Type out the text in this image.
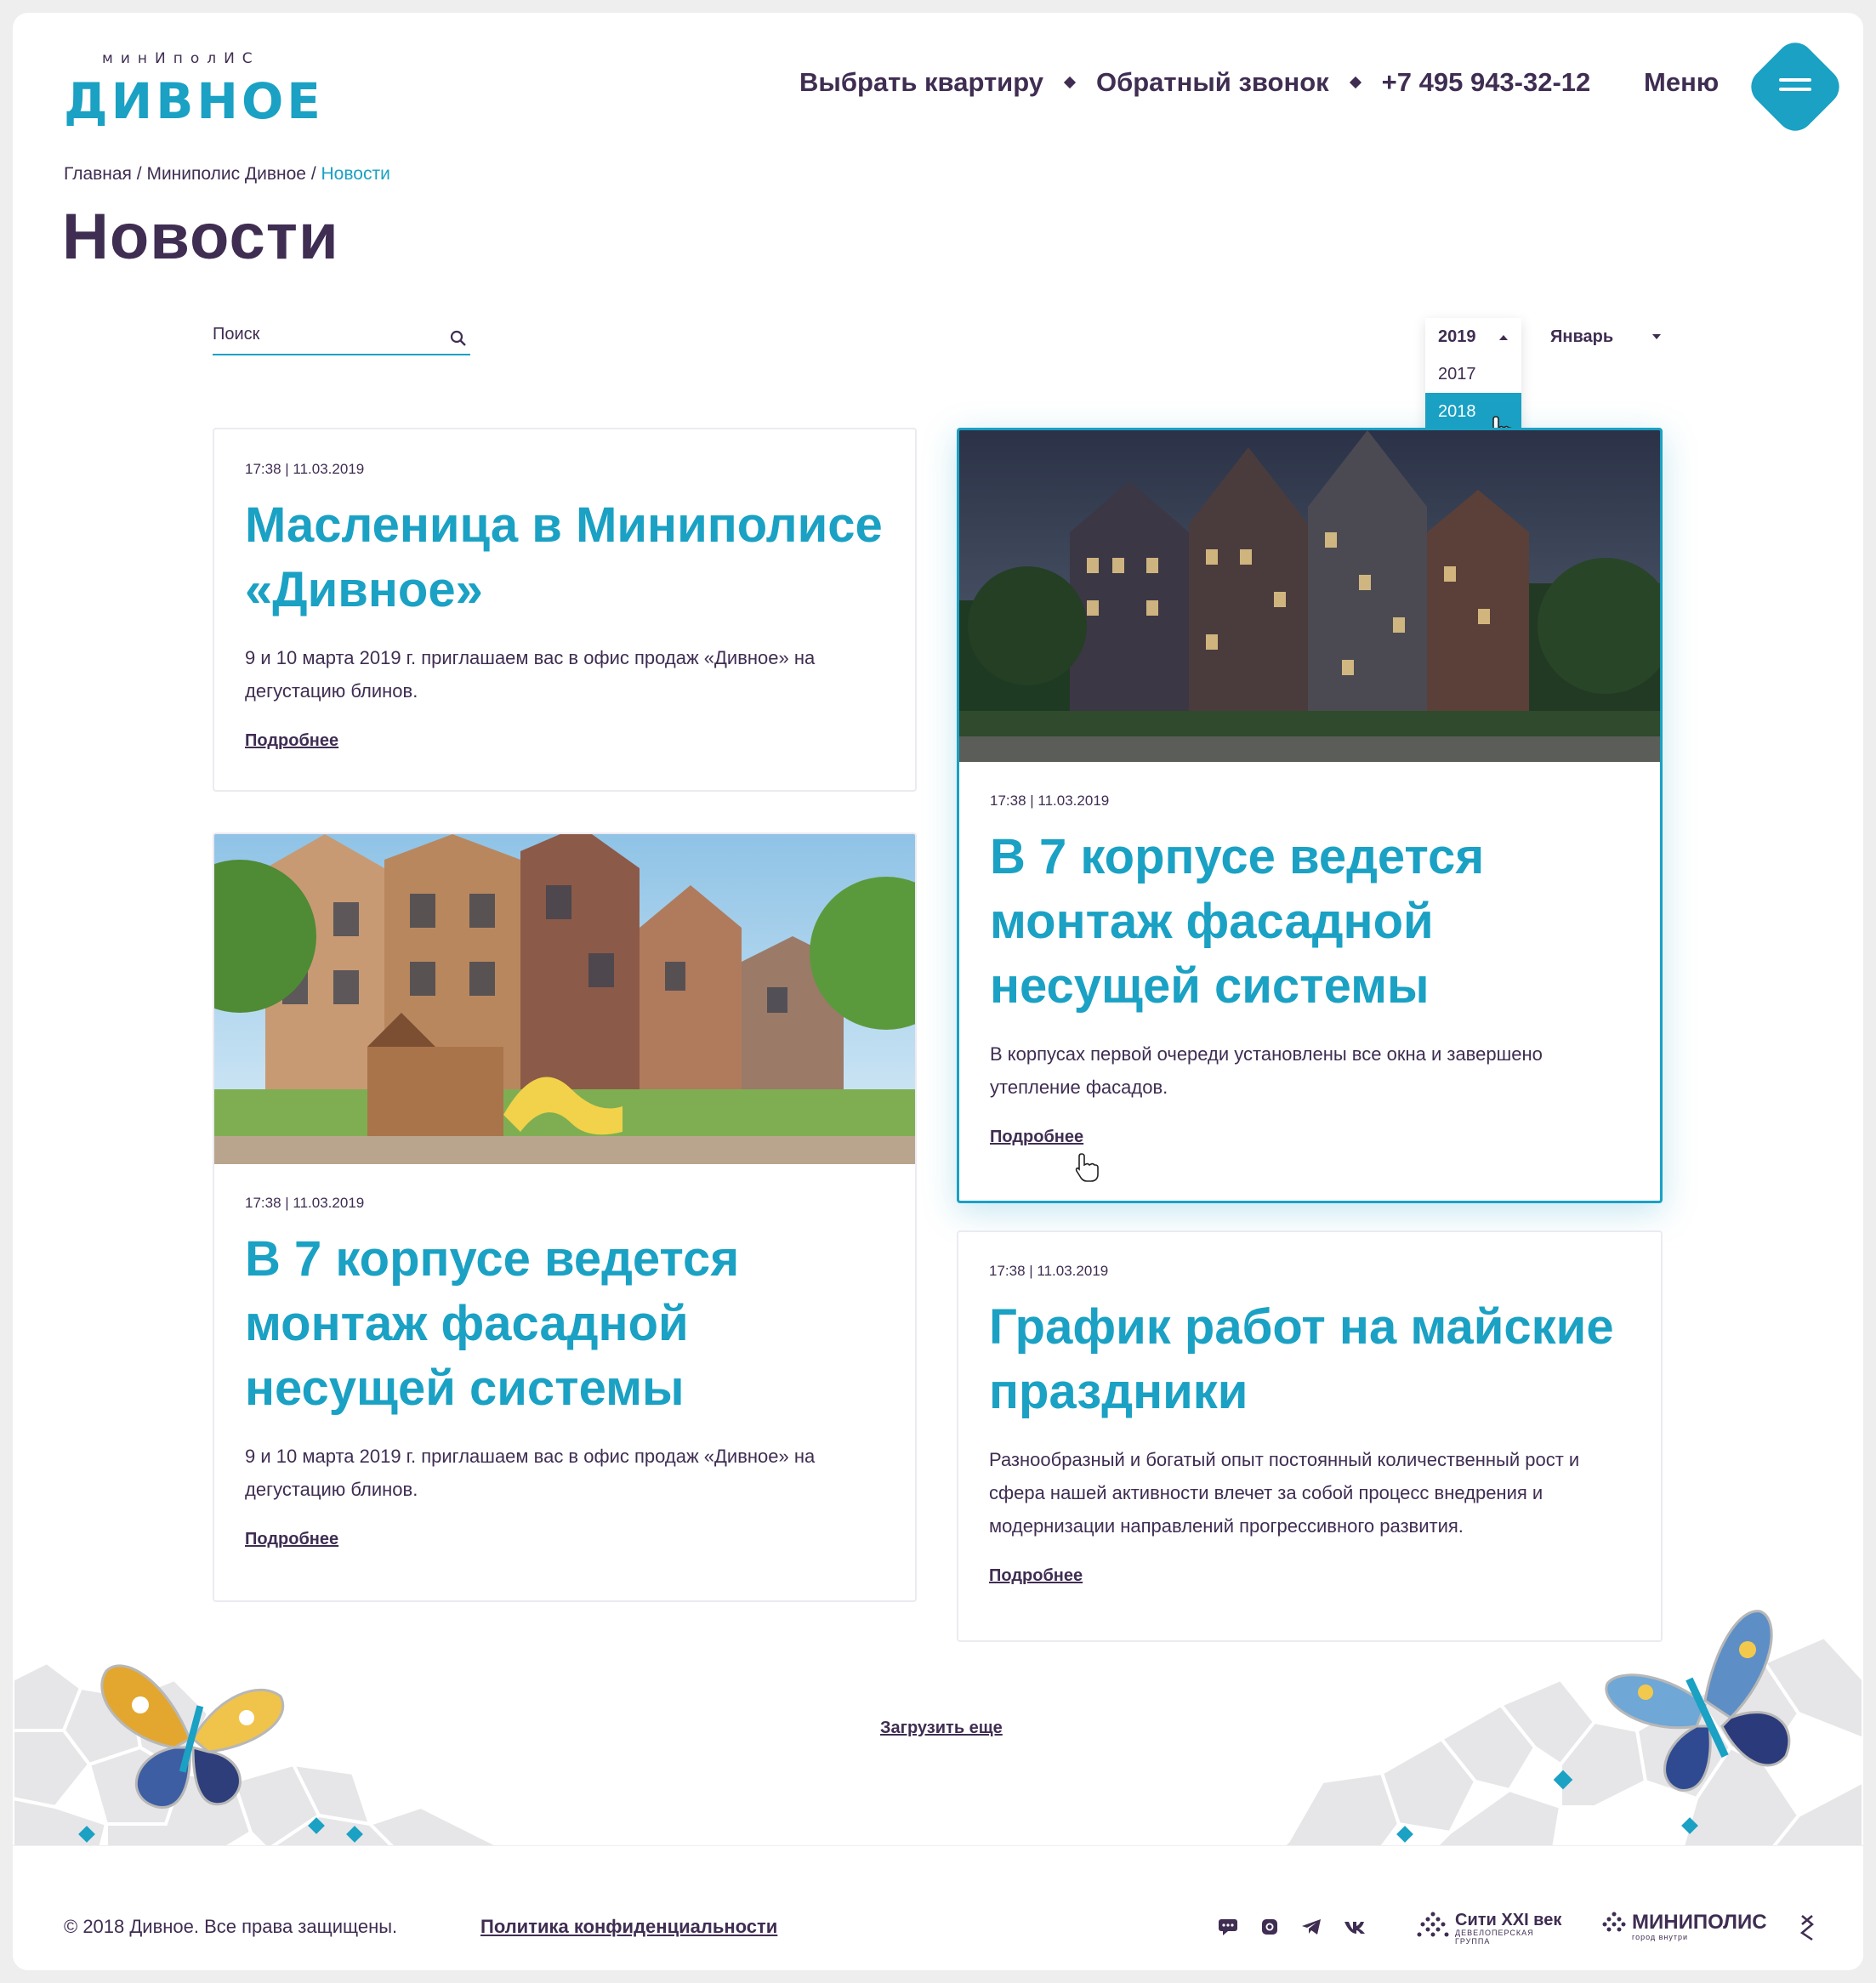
минИполИС
ДИВНОЕ	Выбрать квартиру Обратный звонок +7 495 943-32-12 Меню
Главная / Миниполис Дивное / Новости
Новости
Поиск
Январь
2019
2017
2018
17:38 | 11.03.2019
Масленица в Миниполисе «Дивное»
9 и 10 марта 2019 г. приглашаем вас в офис продаж «Дивное» на дегустацию блинов.
Подробнее
17:38 | 11.03.2019
В 7 корпусе ведется монтаж фасадной несущей системы
В корпусах первой очереди установлены все окна и завершено утепление фасадов.
Подробнее
17:38 | 11.03.2019
В 7 корпусе ведется монтаж фасадной несущей системы
9 и 10 марта 2019 г. приглашаем вас в офис продаж «Дивное» на дегустацию блинов.
Подробнее
17:38 | 11.03.2019
График работ на майские праздники
Разнообразный и богатый опыт постоянный количественный рост и сфера нашей активности влечет за собой процесс внедрения и модернизации направлений прогрессивного развития.
Подробнее
Загрузить еще
© 2018 Дивное. Все права защищены.	Политика конфиденциальности	Сити XXI век
ДЕВЕЛОПЕРСКАЯ ГРУППА
МИНИПОЛИС
город внутри
